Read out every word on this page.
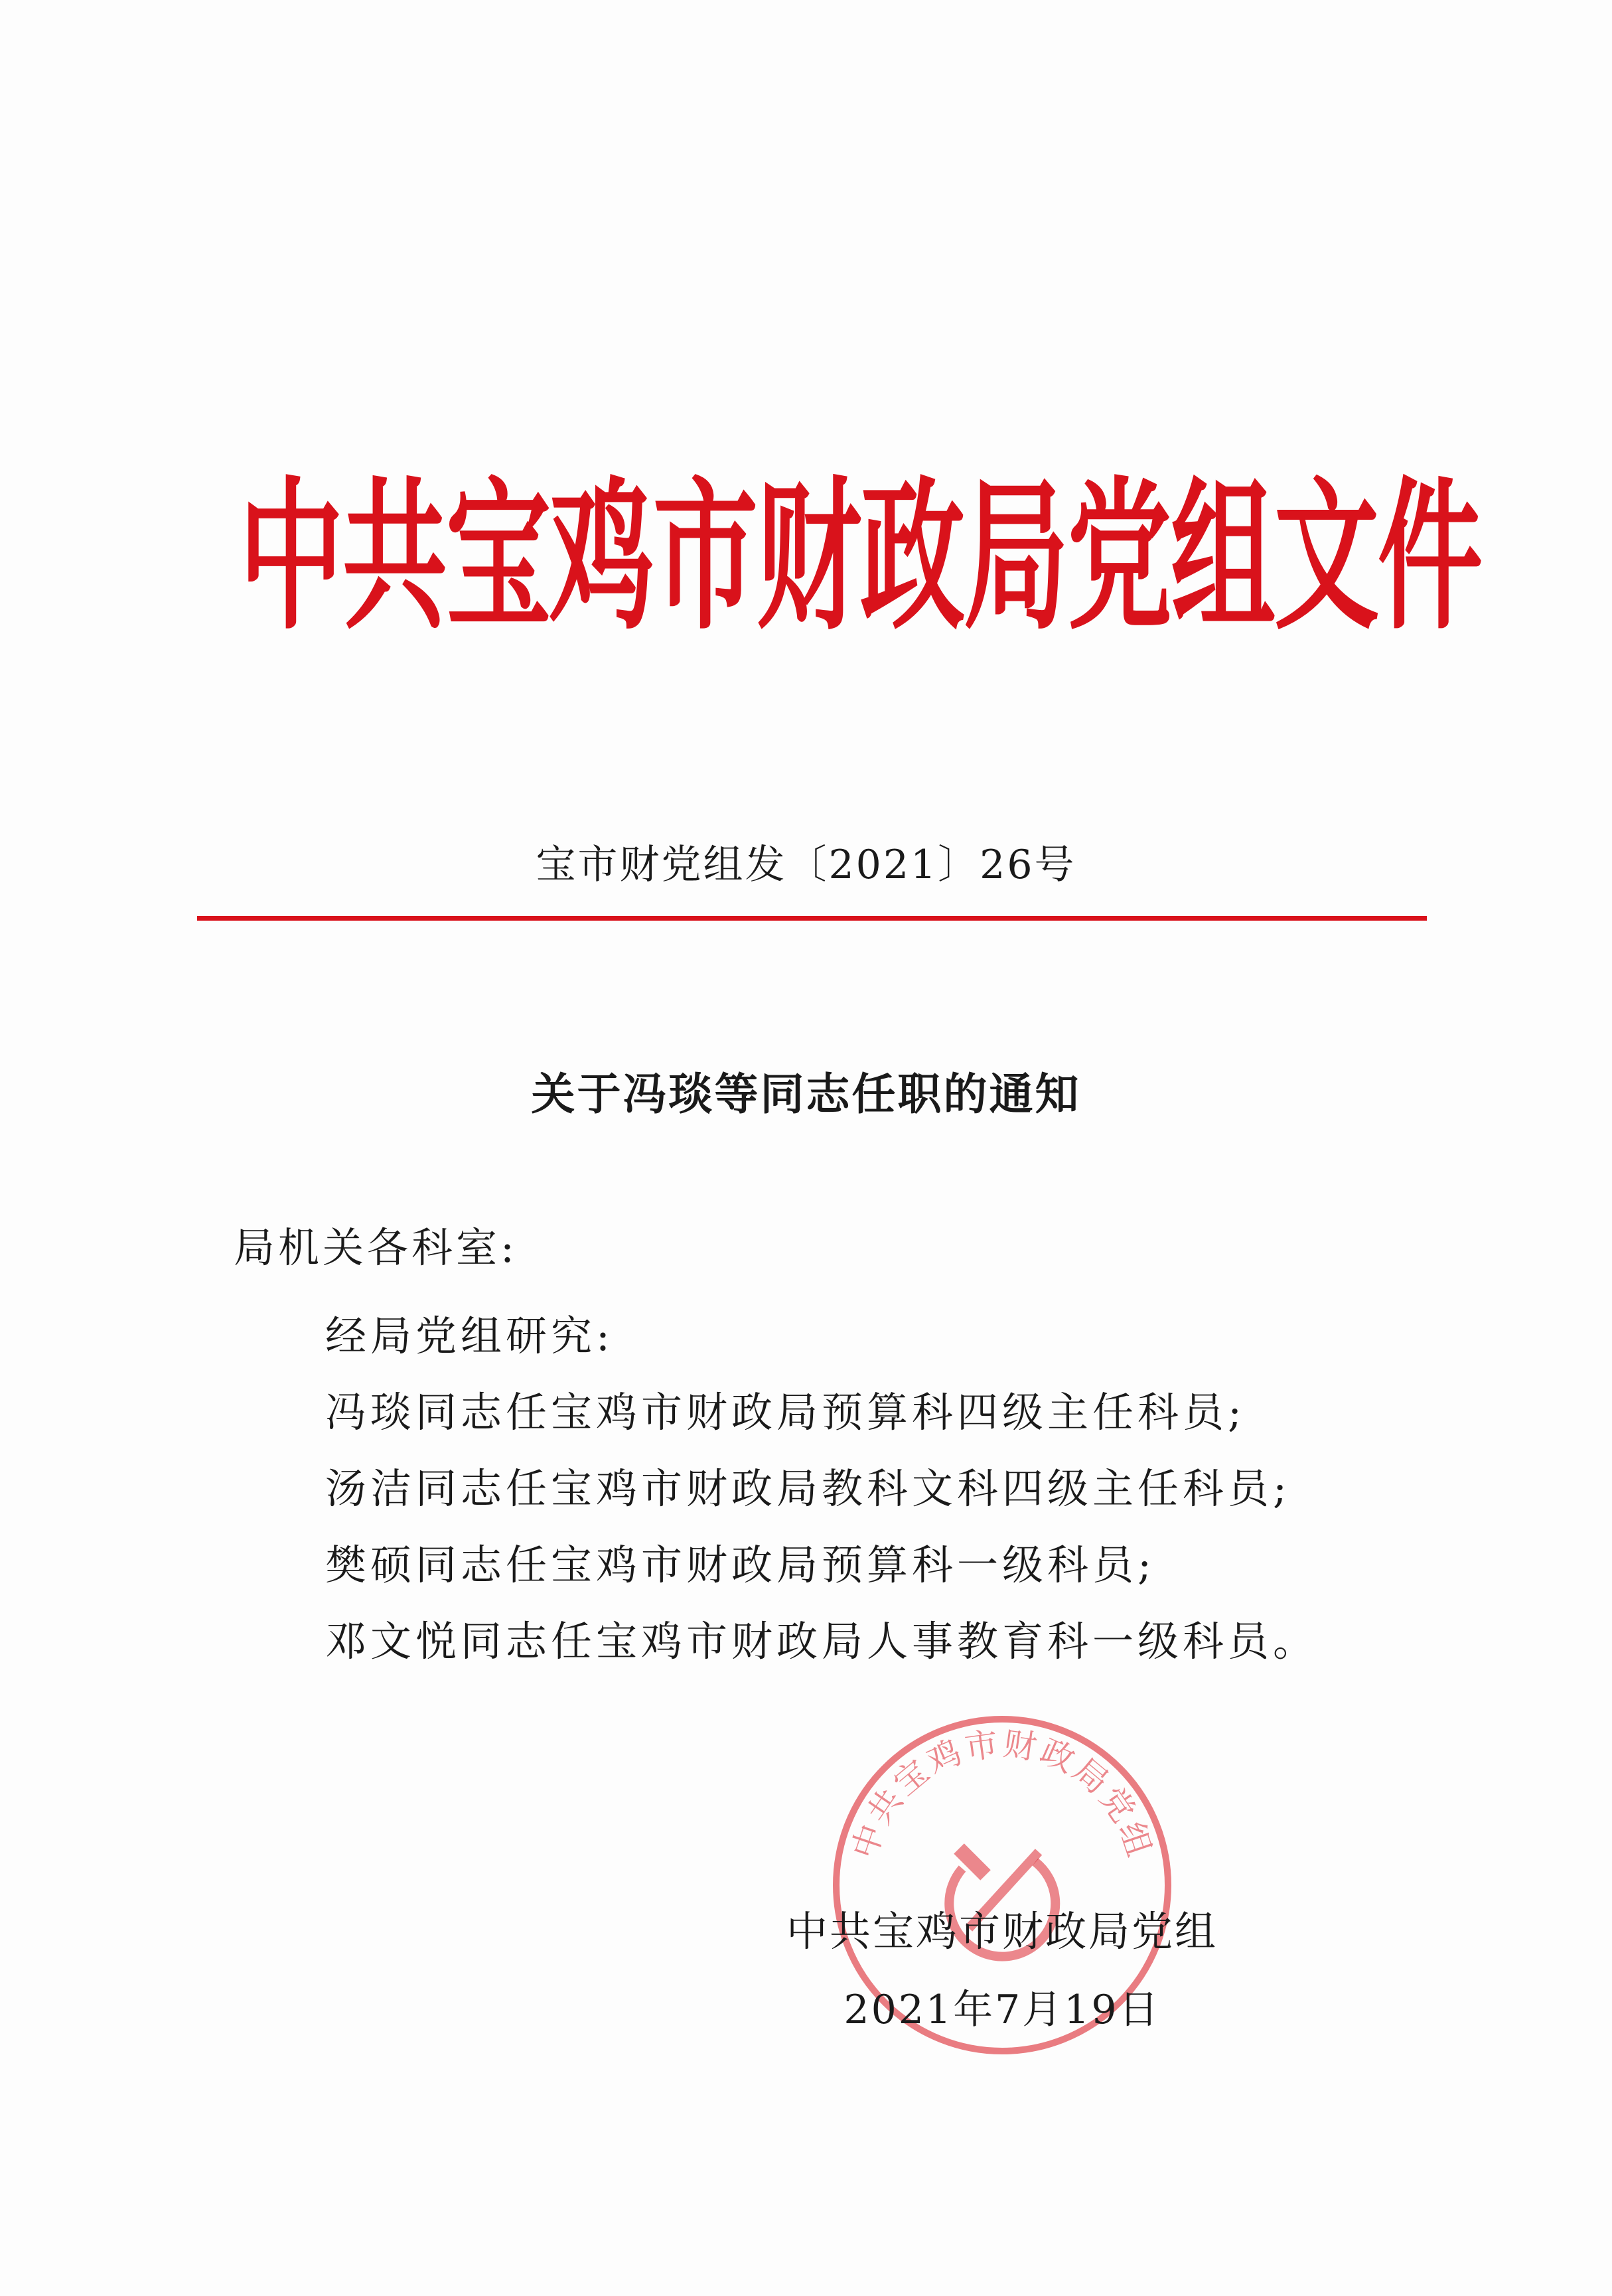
中共宝鸡市财政局党组文件
宝市财党组发〔2021〕26号
关于冯琰等同志任职的通知
局机关各科室:
经局党组研究:
冯琰同志任宝鸡市财政局预算科四级主任科员;
汤洁同志任宝鸡市财政局教科文科四级主任科员;
樊硕同志任宝鸡市财政局预算科一级科员;
邓文悦同志任宝鸡市财政局人事教育科一级科员。
中共宝鸡市财政局党组
中共宝鸡市财政局党组
2021年7月19日
